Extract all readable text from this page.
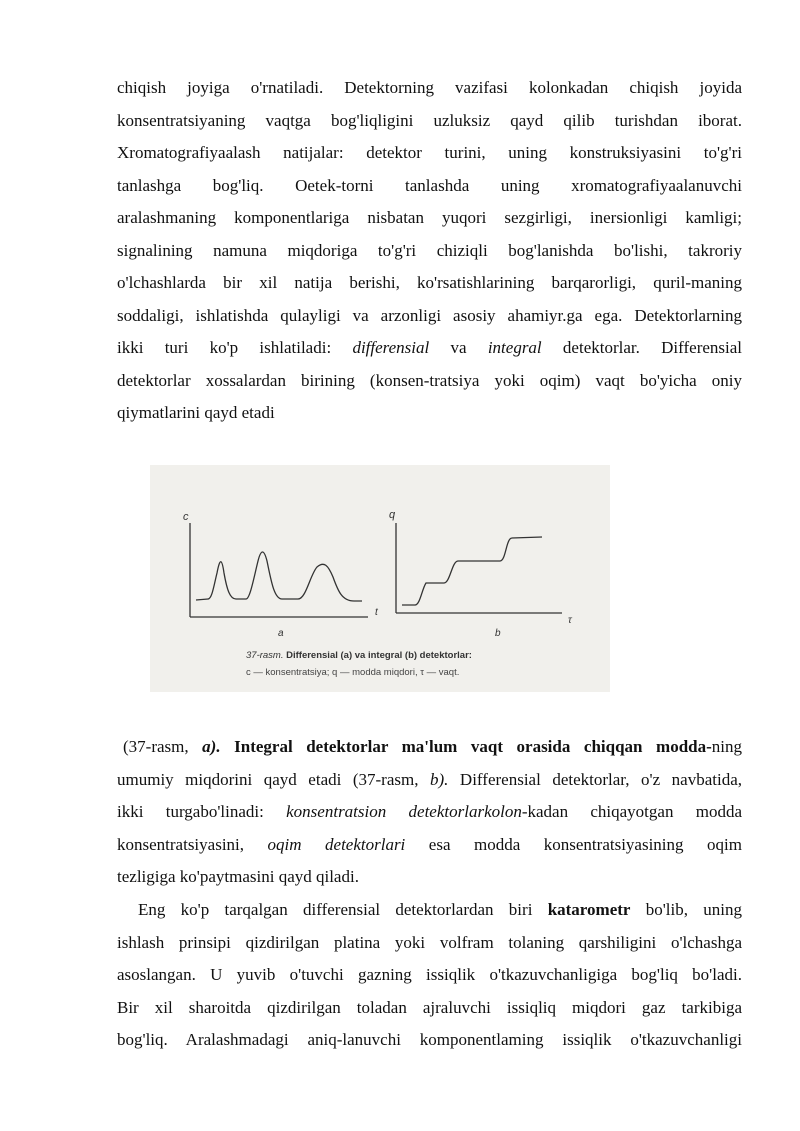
chiqish joyiga o'rnatiladi. Detektorning vazifasi kolonkadan chiqish joyida
konsentratsiyaning vaqtga bog'liqligini uzluksiz qayd qilib turishdan iborat.
Xromatografiyaalash natijalar: detektor turini, uning konstruksiyasini to'g'ri
tanlashga bog'liq. Oetek-torni tanlashda uning xromatografiyaalanuvchi
aralashmaning komponentlariga nisbatan yuqori sezgirligi, inersionligi kamligi;
signalining namuna miqdoriga to'g'ri chiziqli bog'lanishda bo'lishi, takroriy
o'lchashlarda bir xil natija berishi, ko'rsatishlarining barqarorligi, quril-maning
soddaligi, ishlatishda qulayligi va arzonligi asosiy ahamiyr.ga ega. Detektorlarning
ikki turi ko'p ishlatiladi: differensial va integral detektorlar. Differensial
detektorlar xossalardan birining (konsen-tratsiya yoki oqim) vaqt bo'yicha oniy
qiymatlarini qayd etadi
c
t
a
q
τ
b
37-rasm. Differensial (a) va integral (b) detektorlar:
c — konsentratsiya; q — modda miqdori, τ — vaqt.
(37-rasm, a). Integral detektorlar ma'lum vaqt orasida chiqqan modda-ning
umumiy miqdorini qayd etadi (37-rasm, b). Differensial detektorlar, o'z navbatida,
ikki turgabo'linadi: konsentratsion detektorlarkolon-kadan chiqayotgan modda
konsentratsiyasini, oqim detektorlari esa modda konsentratsiyasining oqim
tezligiga ko'paytmasini qayd qiladi.
Eng ko'p tarqalgan differensial detektorlardan biri katarometr bo'lib, uning
ishlash prinsipi qizdirilgan platina yoki volfram tolaning qarshiligini o'lchashga
asoslangan. U yuvib o'tuvchi gazning issiqlik o'tkazuvchanligiga bog'liq bo'ladi.
Bir xil sharoitda qizdirilgan toladan ajraluvchi issiqliq miqdori gaz tarkibiga
bog'liq. Aralashmadagi aniq-lanuvchi komponentlaming issiqlik o'tkazuvchanligi
